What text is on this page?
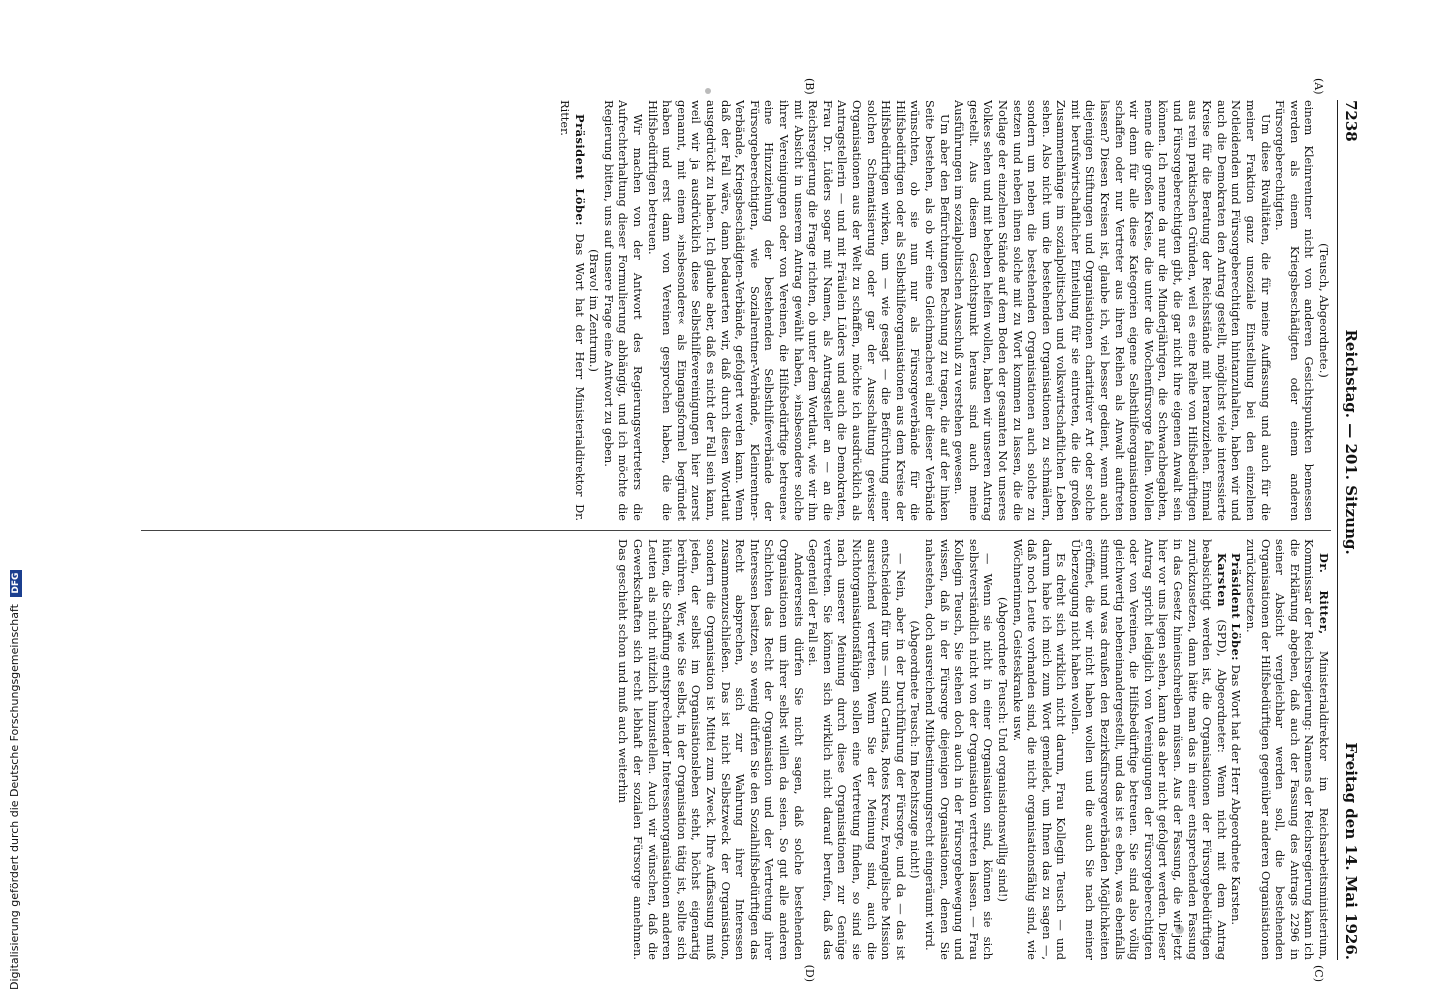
Digitalisierung gefördert durch die Deutsche Forschungsgemeinschaft DFG
7238
Reichstag. — 201. Sitzung.
Freitag den 14. Mai 1926.
(A)
(B)
(C)
(D)

(Teusch, Abgeordnete.)

einem Kleinrentner nicht von anderen Gesichtspunkten bemessen werden als einem Kriegsbeschädigten oder einem anderen Fürsorgeberechtigten.

Um diese Rivalitäten, die für meine Auffassung und auch für die meiner Fraktion ganz unsoziale Einstellung bei den einzelnen Notleidenden und Fürsorgeberechtigten hintanzuhalten, haben wir und auch die Demokraten den Antrag gestellt, möglichst viele interessierte Kreise für die Beratung der Reichsstände mit heranzuziehen. Einmal aus rein praktischen Gründen, weil es eine Reihe von Hilfsbedürftigen und Fürsorgeberechtigten gibt, die gar nicht ihre eigenen Anwalt sein können. Ich nenne da nur die Minderjährigen, die Schwachbegabten, nenne die großen Kreise, die unter die Wochenfürsorge fallen. Wollen wir denn für alle diese Kategorien eigene Selbsthilfeorganisationen schaffen oder nur Vertreter aus ihren Reihen als Anwalt auftreten lassen? Diesen Kreisen ist, glaube ich, viel besser gedient, wenn auch diejenigen Stiftungen und Organisationen charitativer Art oder solche mit berufswirtschaftlicher Einteilung für sie eintreten, die die großen Zusammenhänge im sozialpolitischen und volkswirtschaftlichen Leben sehen. Also nicht um die bestehenden Organisationen zu schmälern, sondern um neben die bestehenden Organisationen auch solche zu setzen und neben ihnen solche mit zu Wort kommen zu lassen, die die Notlage der einzelnen Stände auf dem Boden der gesamten Not unseres Volkes sehen und mit beheben helfen wollen, haben wir unseren Antrag gestellt. Aus diesem Gesichtspunkt heraus sind auch meine Ausführungen im sozialpolitischen Ausschuß zu verstehen gewesen.

Um aber den Befürchtungen Rechnung zu tragen, die auf der linken Seite bestehen, als ob wir eine Gleichmacherei aller dieser Verbände wünschten, ob sie nun nur als Fürsorgeverbände für die Hilfsbedürftigen oder als Selbsthilfeorganisationen aus dem Kreise der Hilfsbedürftigen wirken, um — wie gesagt — die Befürchtung einer solchen Schematisierung oder gar der Ausschaltung gewisser Organisationen aus der Welt zu schaffen, möchte ich ausdrücklich als Antragstellerin — und mit Fräulein Lüders und auch die Demokraten, Frau Dr. Lüders sogar mit Namen, als Antragsteller an — an die Reichsregierung die Frage richten, ob unter dem Wortlaut, wie wir ihn mit Absicht in unserem Antrag gewählt haben, »insbesondere solche ihrer Vereinigungen oder von Vereinen, die Hilfsbedürftige betreuen« eine Hinzuziehung der bestehenden Selbsthilfeverbände der Fürsorgeberechtigten, wie Sozialrentner-Verbände, Kleinrentner-Verbände, Kriegsbeschädigten-Verbände, gefolgert werden kann. Wenn daß der Fall wäre, dann bedauerten wir, daß durch diesen Wortlaut ausgedrückt zu haben. Ich glaube aber, daß es nicht der Fall sein kann, weil wir ja ausdrücklich diese Selbsthilfevereinigungen hier zuerst genannt, mit einem »insbesondere« als Eingangsformel begründet haben und erst dann von Vereinen gesprochen haben, die die Hilfsbedürftigen betreuen.

Wir machen von der Antwort des Regierungsvertreters die Aufrechterhaltung dieser Formulierung abhängig, und ich möchte die Regierung bitten, uns auf unsere Frage eine Antwort zu geben.

(Bravo! im Zentrum.)

Präsident Löbe: Das Wort hat der Herr Ministerialdirektor Dr. Ritter.

Dr. Ritter, Ministerialdirektor im Reichsarbeitsministerium, Kommissar der Reichsregierung: Namens der Reichsregierung kann ich die Erklärung abgeben, daß auch der Fassung des Antrags 2296 in seiner Absicht vergleichbar werden soll, die bestehenden Organisationen der Hilfsbedürftigen gegenüber anderen Organisationen zurückzusetzen.

Präsident Löbe: Das Wort hat der Herr Abgeordnete Karsten.

Karsten (SPD), Abgeordneter: Wenn nicht mit dem Antrag beabsichtigt werden ist, die Organisationen der Fürsorgebedürftigen zurückzusetzen, dann hätte man das in einer entsprechenden Fassung in das Gesetz hineinschreiben müssen. Aus der Fassung, die wir jetzt hier vor uns liegen sehen, kann das aber nicht gefolgert werden. Dieser Antrag spricht lediglich von Vereinigungen der Fürsorgeberechtigten oder von Vereinen, die Hilfsbedürftige betreuen. Sie sind also völlig gleichwertig nebeneinandergestellt, und das ist es eben, was ebenfalls stimmt und was draußen den Bezirksfürsorgeverbänden Möglichkeiten eröffnet, die wir nicht haben wollen und die auch Sie nach meiner Überzeugung nicht haben wollen.

Es dreht sich wirklich nicht darum, Frau Kollegin Teusch — und darum habe ich mich zum Wort gemeldet, um Ihnen das zu sagen —, daß noch Leute vorhanden sind, die nicht organisationsfähig sind, wie Wöchnerinnen, Geisteskranke usw.

(Abgeordnete Teusch: Und organisationswillig sind!)

— Wenn sie nicht in einer Organisation sind, können sie sich selbstverständlich nicht von der Organisation vertreten lassen. — Frau Kollegin Teusch, Sie stehen doch auch in der Fürsorgebewegung und wissen, daß in der Fürsorge diejenigen Organisationen, denen Sie nahestehen, doch ausreichend Mitbestimmungsrecht eingeräumt wird.

(Abgeordnete Teusch: Im Rechtszuge nicht!)

— Nein, aber in der Durchführung der Fürsorge, und da — das ist entscheidend für uns — sind Caritas, Rotes Kreuz, Evangelische Mission ausreichend vertreten. Wenn Sie der Meinung sind, auch die Nichtorganisationsfähigen sollen eine Vertretung finden, so sind sie nach unserer Meinung durch diese Organisationen zur Genüge vertreten. Sie können sich wirklich nicht darauf berufen, daß das Gegenteil der Fall sei.

Andererseits dürfen Sie nicht sagen, daß solche bestehenden Organisationen um ihrer selbst willen da seien. So gut alle anderen Schichten das Recht der Organisation und der Vertretung ihrer Interessen besitzen, so wenig dürfen Sie den Sozialhilfsbedürftigen das Recht absprechen, sich zur Wahrung ihrer Interessen zusammenzuschließen. Das ist nicht Selbstzweck der Organisation, sondern die Organisation ist Mittel zum Zweck. Ihre Auffassung muß jeden, der selbst im Organisationsleben steht, höchst eigenartig berühren. Wer, wie Sie selbst, in der Organisation tätig ist, sollte sich hüten, die Schaffung entsprechender Interessenorganisationen anderen Leuten als nicht nützlich hinzustellen. Auch wir wünschen, daß die Gewerkschaften sich recht lebhaft der sozialen Fürsorge annehmen. Das geschieht schon und muß auch weiterhin
